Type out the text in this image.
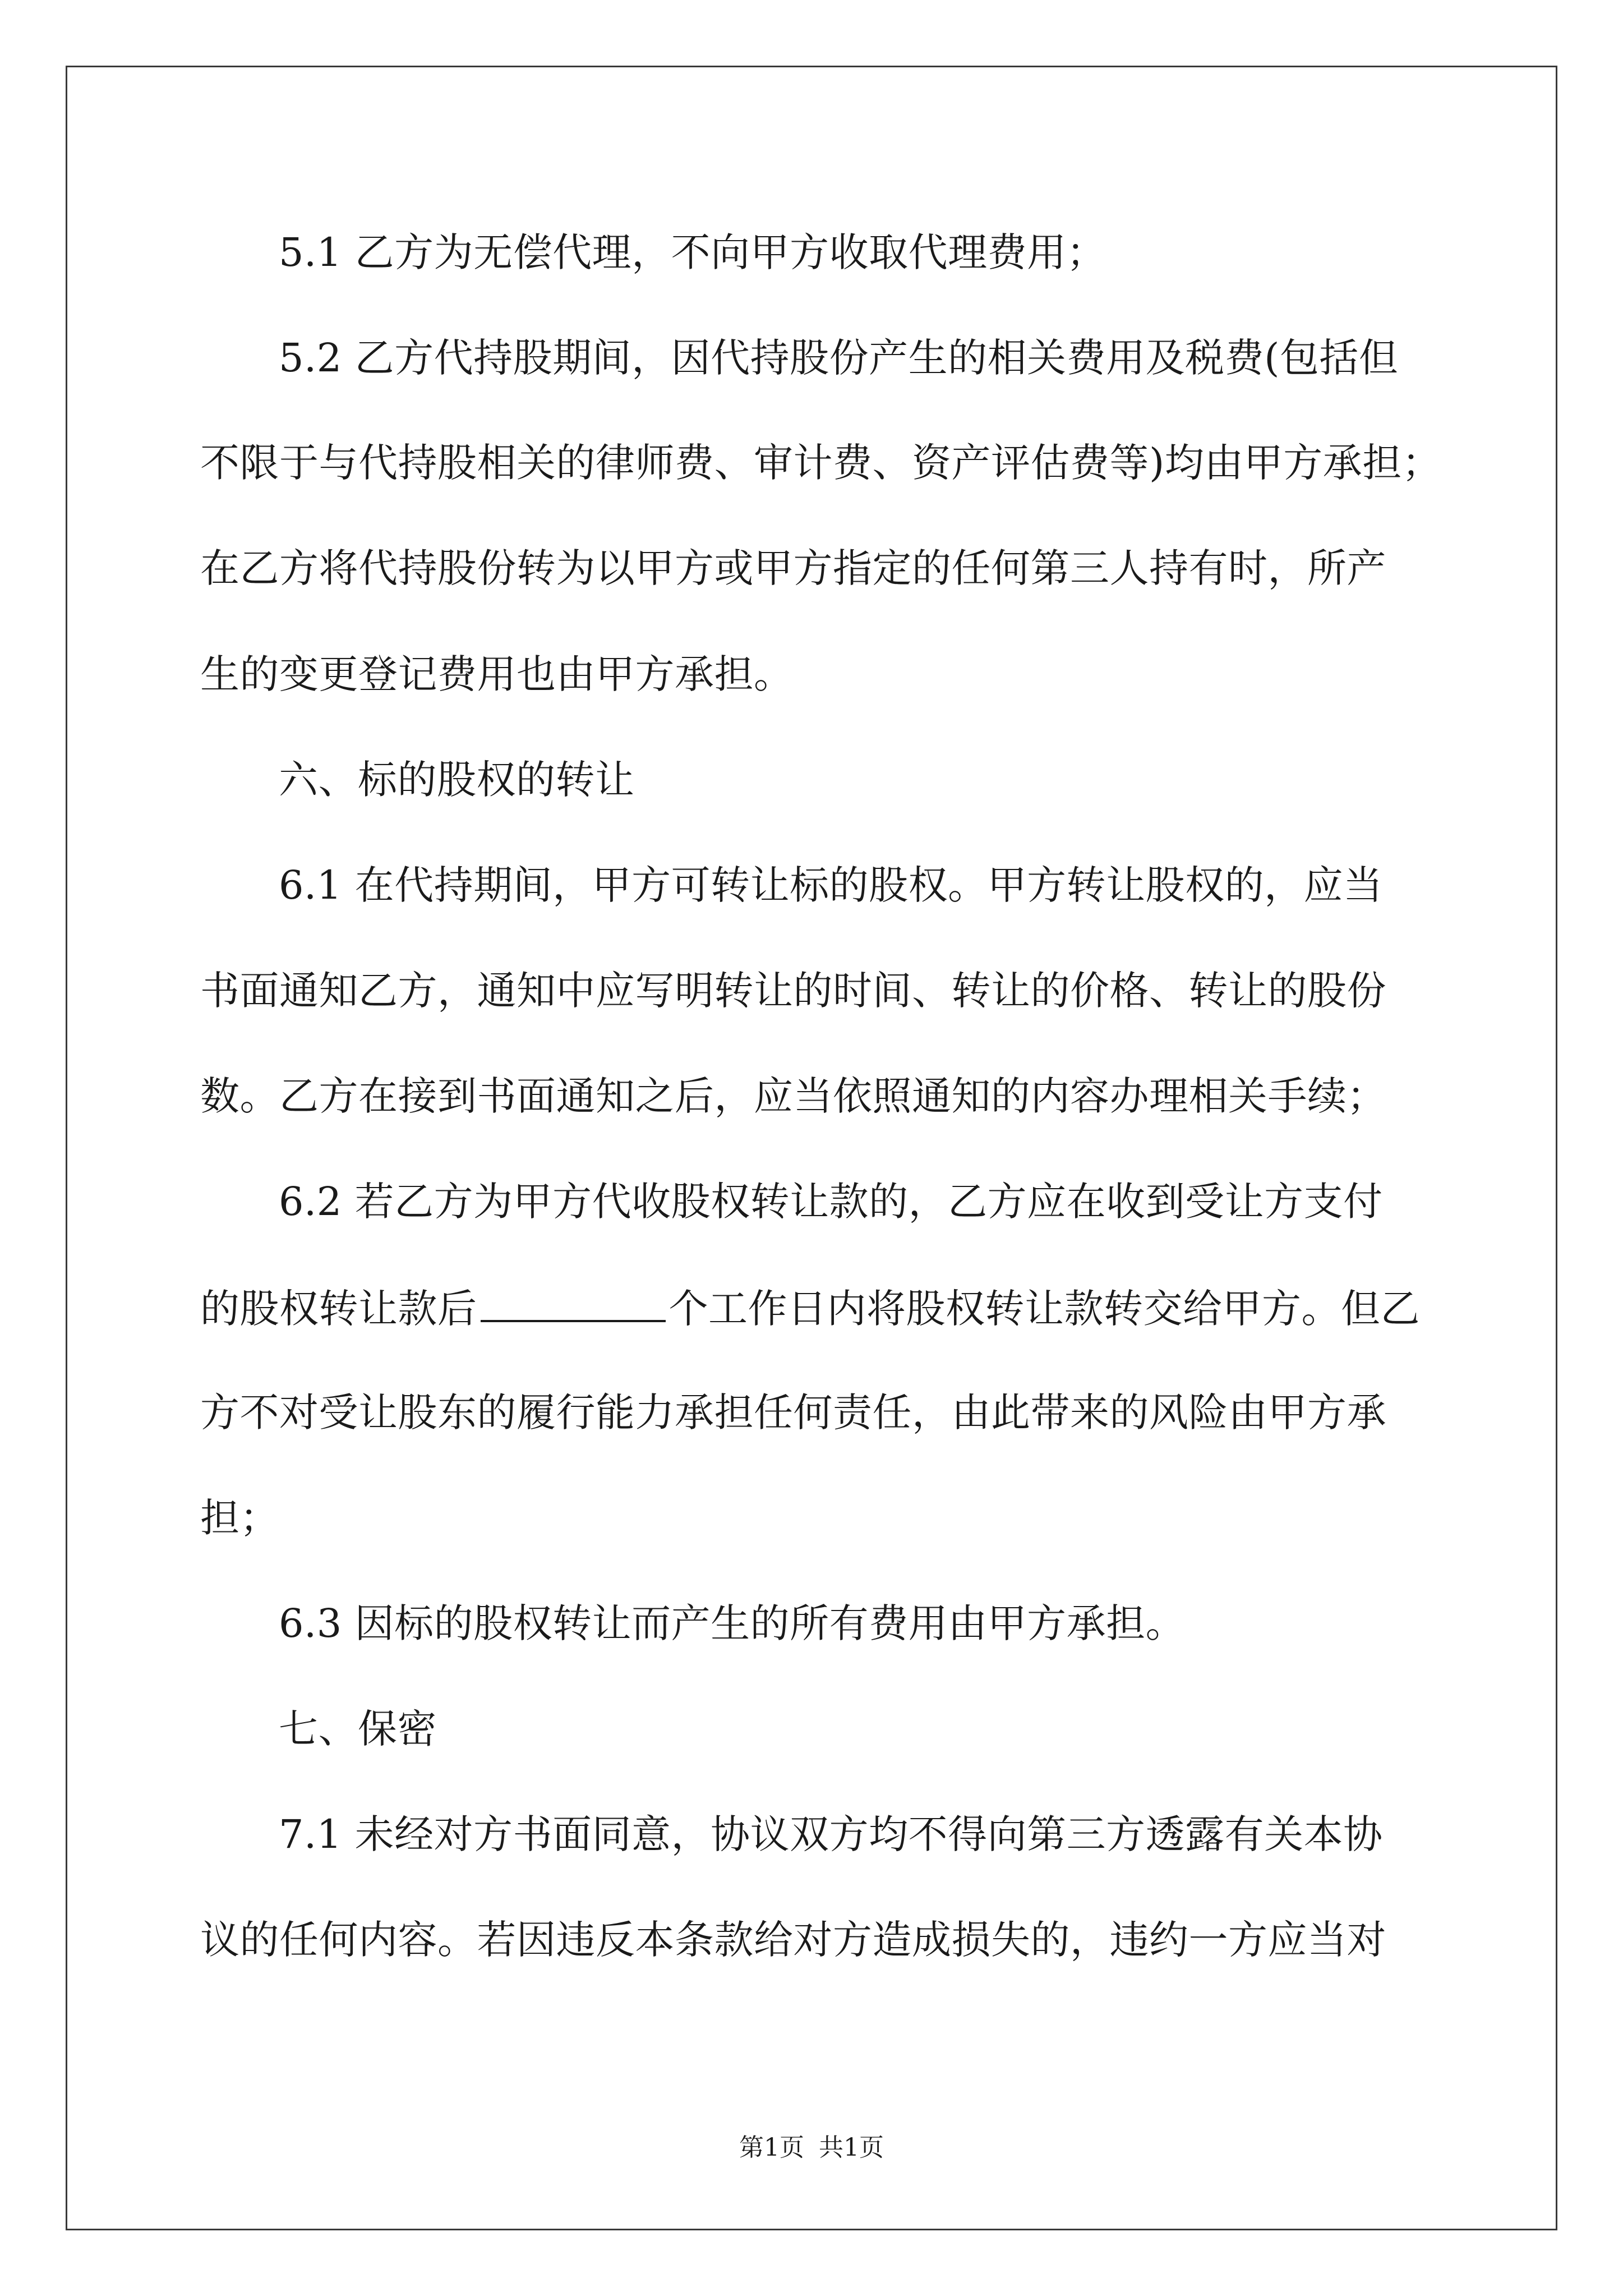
5.1 乙方为无偿代理，不向甲方收取代理费用；
5.2 乙方代持股期间，因代持股份产生的相关费用及税费(包括但
不限于与代持股相关的律师费、审计费、资产评估费等)均由甲方承担；
在乙方将代持股份转为以甲方或甲方指定的任何第三人持有时，所产
生的变更登记费用也由甲方承担。
六、标的股权的转让
6.1 在代持期间，甲方可转让标的股权。甲方转让股权的，应当
书面通知乙方，通知中应写明转让的时间、转让的价格、转让的股份
数。乙方在接到书面通知之后，应当依照通知的内容办理相关手续；
6.2 若乙方为甲方代收股权转让款的，乙方应在收到受让方支付
的股权转让款后	个工作日内将股权转让款转交给甲方。但乙
方不对受让股东的履行能力承担任何责任，由此带来的风险由甲方承
担；
6.3 因标的股权转让而产生的所有费用由甲方承担。
七、保密
7.1 未经对方书面同意，协议双方均不得向第三方透露有关本协
议的任何内容。若因违反本条款给对方造成损失的，违约一方应当对
第1页 共1页
